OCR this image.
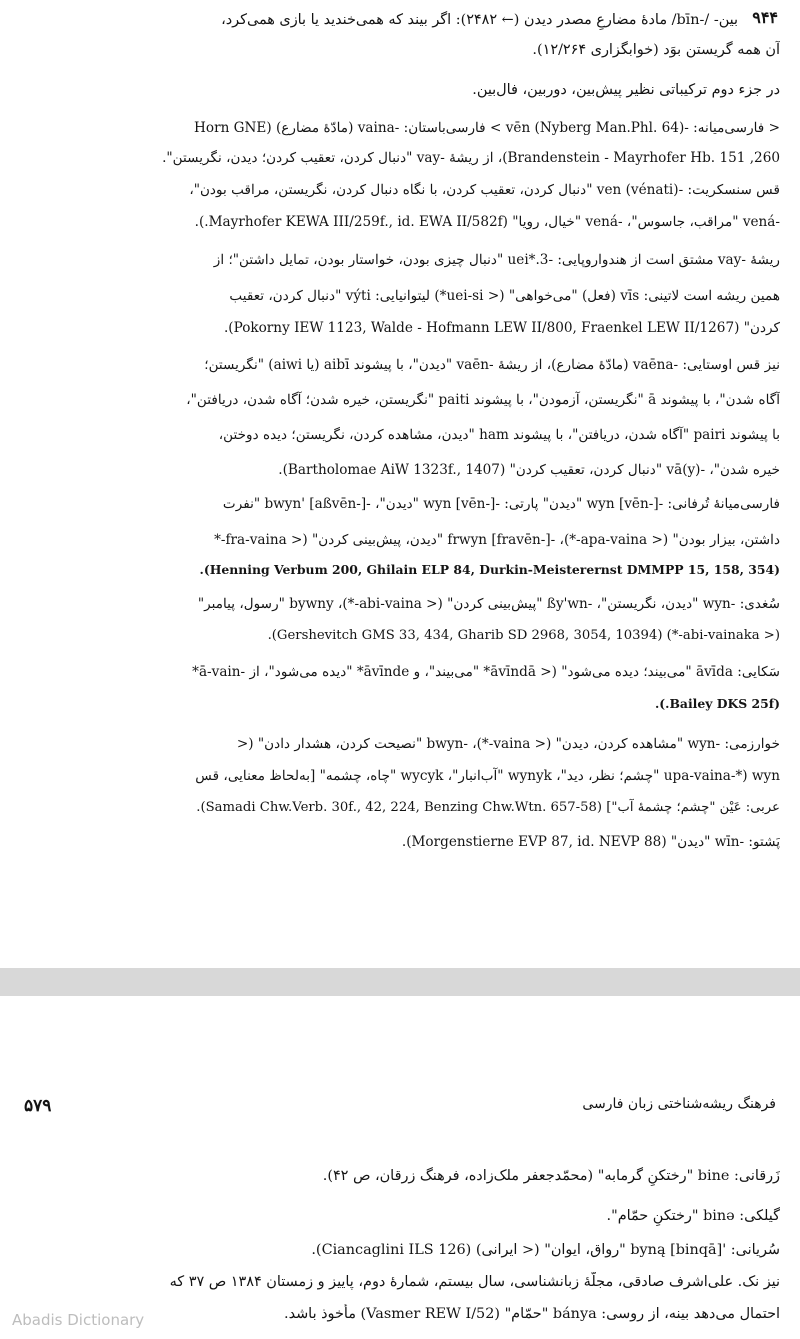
۹۴۴
بین- /-bīn/ مادهٔ مضارعِ مصدر دیدن (← ۲۴۸۲): اگر بیند که همی‌خندید یا بازی همی‌کرد،
آن همه گریستن بوَد (خوابگزاری ۱۲/۲۶۴).
در جزء دوم ترکیباتی نظیر پیش‌بین، دوربین، فال‌بین.
< فارسی‌میانه: -vēn (Nyberg Man.Phl. 64) > فارسی‌باستان: -vaina (مادّهٔ مضارع) (Horn GNE
Brandenstein - Mayrhofer Hb. 151 ,260)، از ریشهٔ -vay "دنبال کردن، تعقیب کردن؛ دیدن، نگریستن".
قس سنسکریت: -ven (vénati) "دنبال کردن، تعقیب کردن، با نگاه دنبال کردن، نگریستن، مراقب بودن"،
-vená "مراقب، جاسوس"، -vená "خیال، رویا" (Mayrhofer KEWA III/259f., id. EWA II/582f.).
ریشهٔ -vay مشتق است از هندواروپایی: -uei*.3 "دنبال چیزی بودن، خواستار بودن، تمایل داشتن"؛ از
همین ریشه است لاتینی: vīs (فعل) "می‌خواهی" (< uei-si*) لیتوانیایی: výti "دنبال کردن، تعقیب
کردن" (Pokorny IEW 1123, Walde - Hofmann LEW II/800, Fraenkel LEW II/1267).
نیز قس اوستایی: -vaēna (مادّهٔ مضارع)، از ریشهٔ -vaēn "دیدن"، با پیشوند aibī (یا aiwi) "نگریستن؛
آگاه شدن"، با پیشوند ā "نگریستن، آزمودن"، با پیشوند paiti "نگریستن، خیره شدن؛ آگاه شدن، دریافتن"،
با پیشوند pairi "آگاه شدن، دریافتن"، با پیشوند ham "دیدن، مشاهده کردن، نگریستن؛ دیده دوختن،
خیره شدن"، -vā(y) "دنبال کردن، تعقیب کردن" (Bartholomae AiW 1323f., 1407).
فارسی‌میانهٔ تُرفانی: -wyn [vēn-] "دیدن" پارتی: -wyn [vēn-] "دیدن"، -bwyn' [aßvēn-] "نفرت
داشتن، بیزار بودن" (< apa-vaina-*)، -frwyn [fravēn-] "دیدن، پیش‌بینی کردن" (< fra-vaina-*
(Henning Verbum 200, Ghilain ELP 84, Durkin-Meisterernst DMMPP 15, 158, 354).
سُغدی: -wyn "دیدن، نگریستن"، -ßy'wn "پیش‌بینی کردن" (< abi-vaina-*)، bywny "رسول، پیامبر"
(< abi-vainaka-*) (Gershevitch GMS 33, 434, Gharib SD 2968, 3054, 10394).
سَکایی: āvīda "می‌بیند؛ دیده می‌شود" (< āvīndā* "می‌بیند"، و āvīnde* "دیده می‌شود"، از -ā-vain*
(Bailey DKS 25f.).
خوارزمی: -wyn "مشاهده کردن، دیدن" (< vaina-*)، -bwyn "نصیحت کردن، هشدار دادن" (<
upa-vaina-*) wyn "چشم؛ نظر، دید"، wynyk "آب‌انبار"، wycyk "چاه، چشمه" [به‌لحاظ معنایی، قس
عربی: عَیْن "چشم؛ چشمهٔ آب"] (Samadi Chw.Verb. 30f., 42, 224, Benzing Chw.Wtn. 657-58).
پَشتو: -wīn "دیدن" (Morgenstierne EVP 87, id. NEVP 88).
فرهنگ ریشه‌شناختی زبان فارسی
۵۷۹
زَرقانی: bine "رختکنِ گرمابه" (محمّدجعفر ملک‌زاده، فرهنگ زرقان، ص ۴۲).
گیلکی: binə "رختکنِ حمّام".
سُریانی: 'byną [binqā] "رواق، ایوان" (< ایرانی) (Ciancaglini ILS 126).
نیز نک. علی‌اشرف صادقی، مجلّهٔ زبانشناسی، سال بیستم، شمارهٔ دوم، پاییز و زمستان ۱۳۸۴ ص ۳۷ که
احتمال می‌دهد بینه، از روسی: bánya "حمّام" (Vasmer REW I/52) مأخوذ باشد.
Abadis Dictionary
